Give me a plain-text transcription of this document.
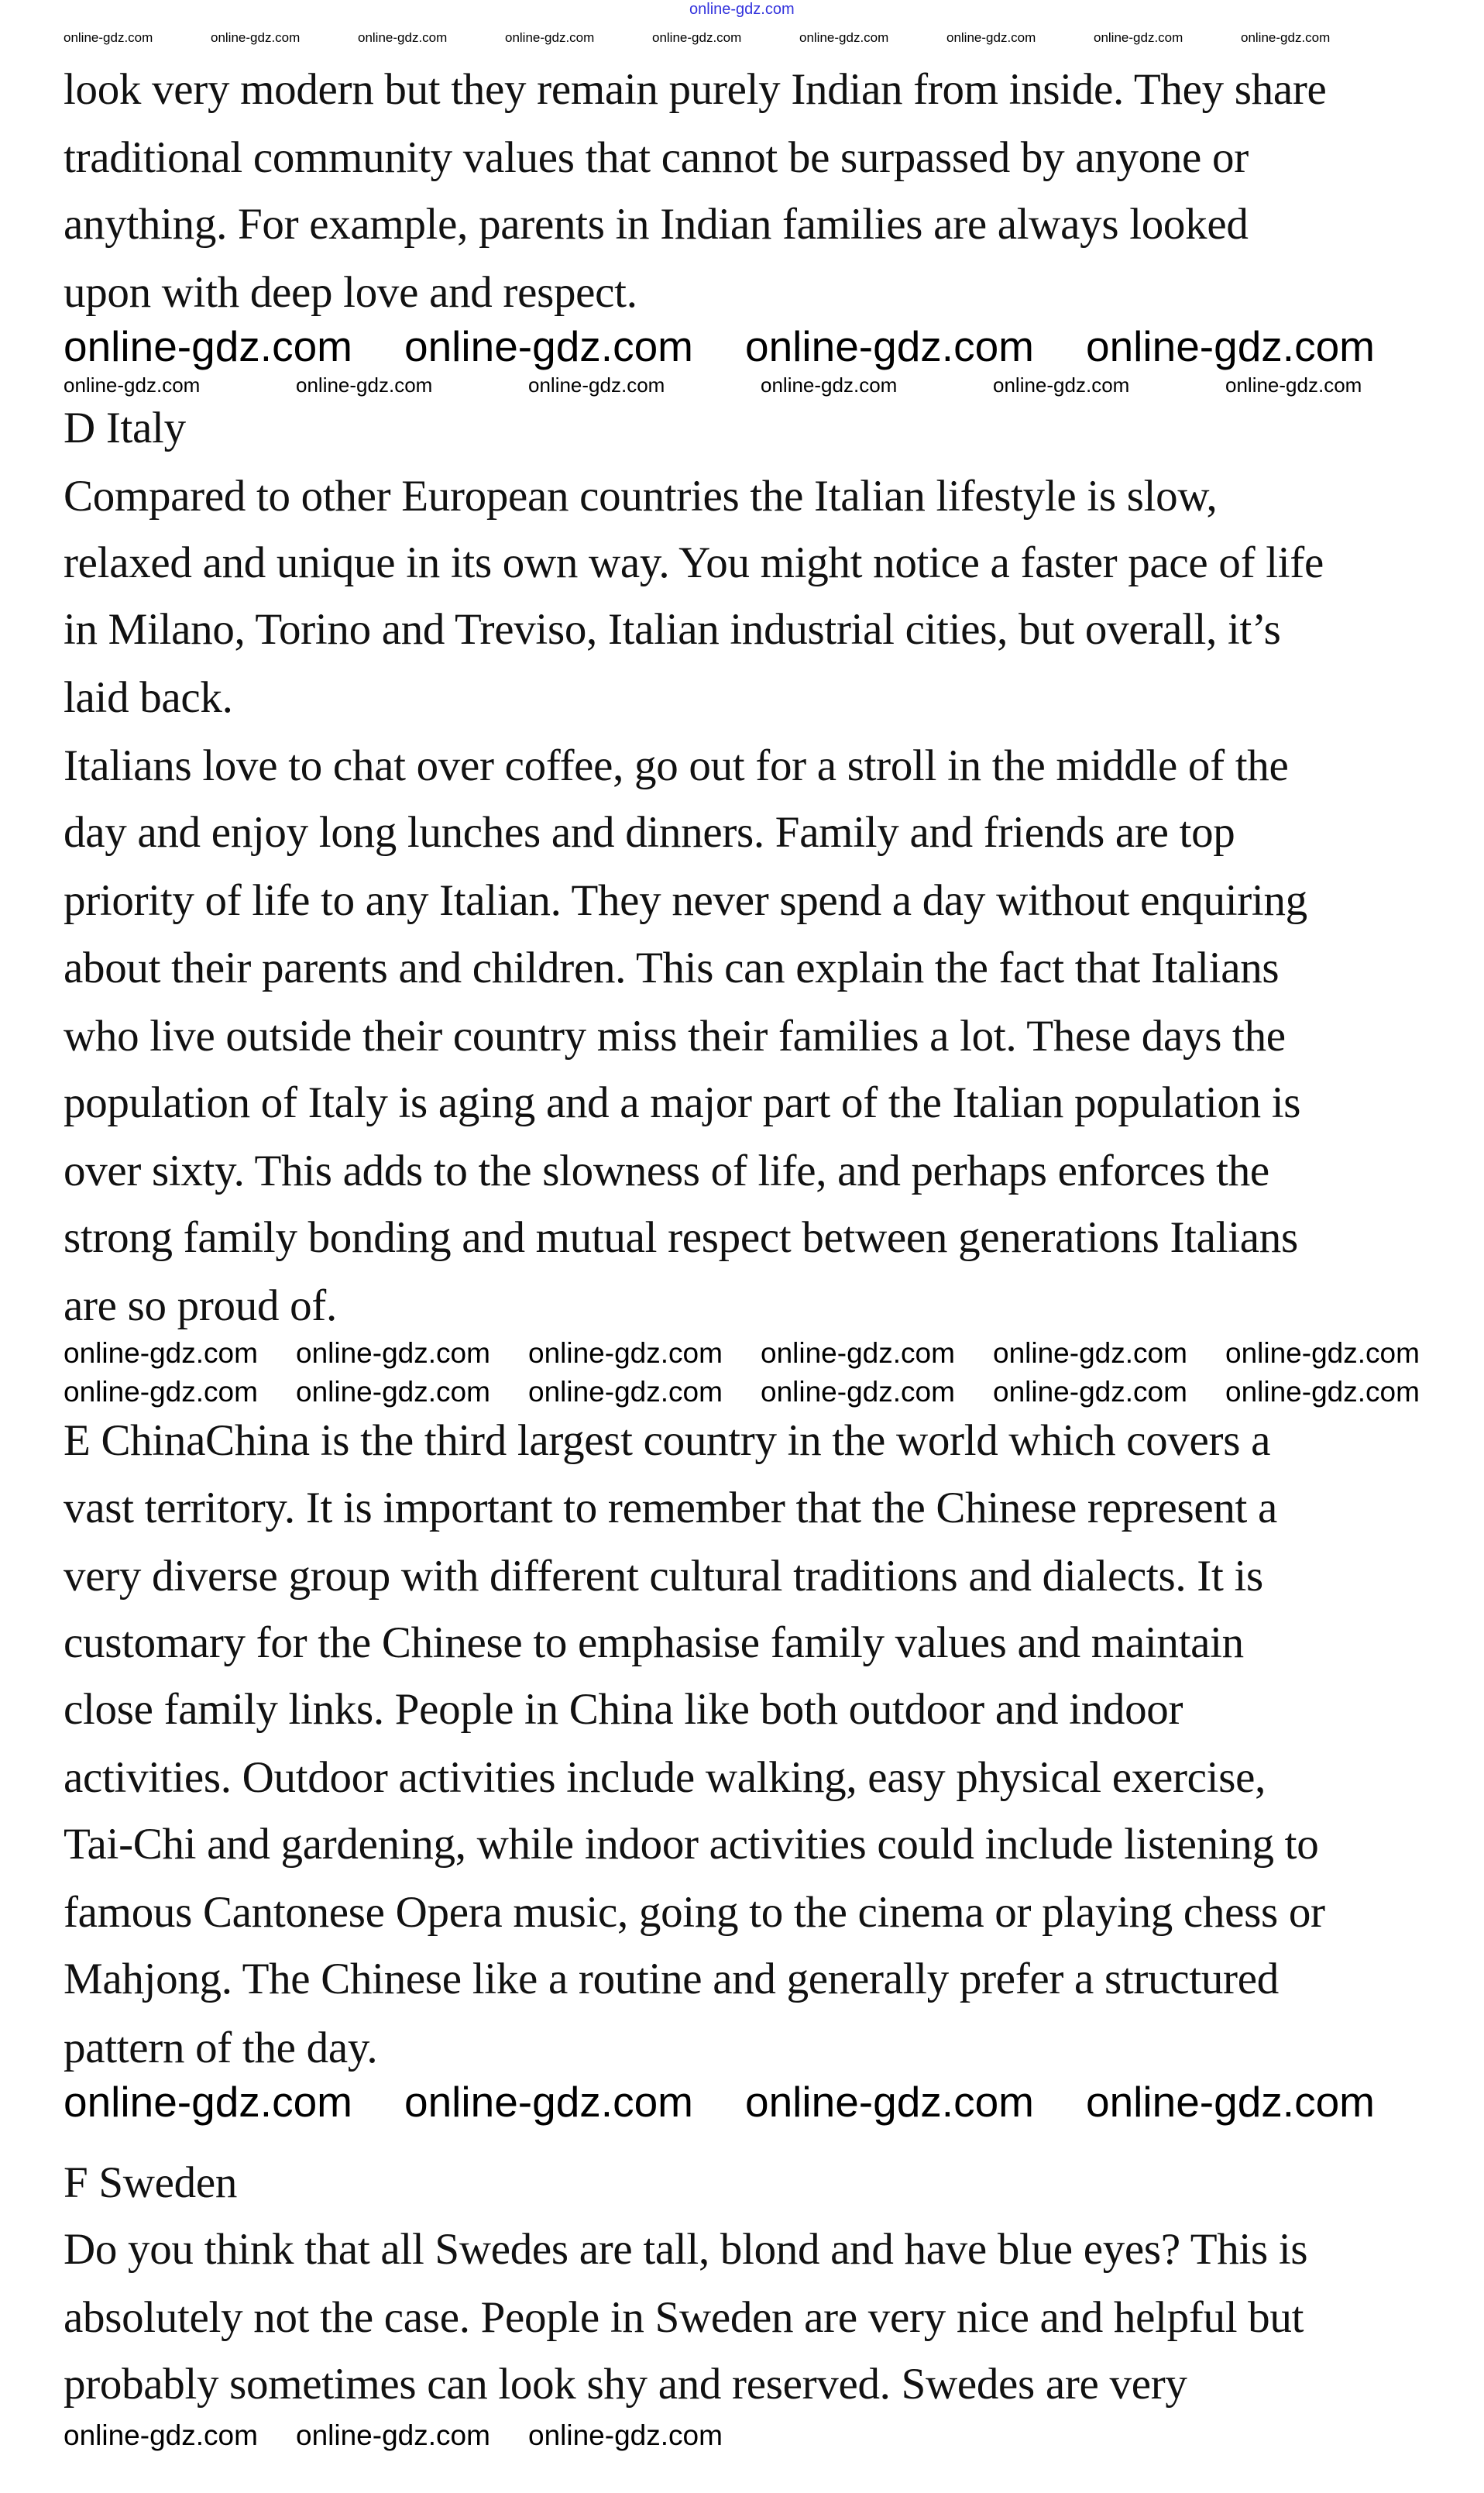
look very modern but they remain purely Indian from inside. They share
traditional community values that cannot be surpassed by anyone or
anything. For example, parents in Indian families are always looked
upon with deep love and respect.
D Italy
Compared to other European countries the Italian lifestyle is slow,
relaxed and unique in its own way. You might notice a faster pace of life
in Milano, Torino and Treviso, Italian industrial cities, but overall, it’s
laid back.
Italians love to chat over coffee, go out for a stroll in the middle of the
day and enjoy long lunches and dinners. Family and friends are top
priority of life to any Italian. They never spend a day without enquiring
about their parents and children. This can explain the fact that Italians
who live outside their country miss their families a lot. These days the
population of Italy is aging and a major part of the Italian population is
over sixty. This adds to the slowness of life, and perhaps enforces the
strong family bonding and mutual respect between generations Italians
are so proud of.
E ChinaChina is the third largest country in the world which covers a
vast territory. It is important to remember that the Chinese represent a
very diverse group with different cultural traditions and dialects. It is
customary for the Chinese to emphasise family values and maintain
close family links. People in China like both outdoor and indoor
activities. Outdoor activities include walking, easy physical exercise,
Tai-Chi and gardening, while indoor activities could include listening to
famous Cantonese Opera music, going to the cinema or playing chess or
Mahjong. The Chinese like a routine and generally prefer a structured
pattern of the day.
F Sweden
Do you think that all Swedes are tall, blond and have blue eyes? This is
absolutely not the case. People in Sweden are very nice and helpful but
probably sometimes can look shy and reserved. Swedes are very
online-gdz.com
online-gdz.com	online-gdz.com	online-gdz.com	online-gdz.com	online-gdz.com	online-gdz.com	online-gdz.com	online-gdz.com	online-gdz.com
online-gdz.com online-gdz.com online-gdz.com online-gdz.com
online-gdz.com	online-gdz.com	online-gdz.com	online-gdz.com	online-gdz.com	online-gdz.com
online-gdz.com online-gdz.com online-gdz.com online-gdz.com online-gdz.com online-gdz.com
online-gdz.com online-gdz.com online-gdz.com online-gdz.com online-gdz.com online-gdz.com
online-gdz.com online-gdz.com online-gdz.com online-gdz.com
online-gdz.com online-gdz.com online-gdz.com
